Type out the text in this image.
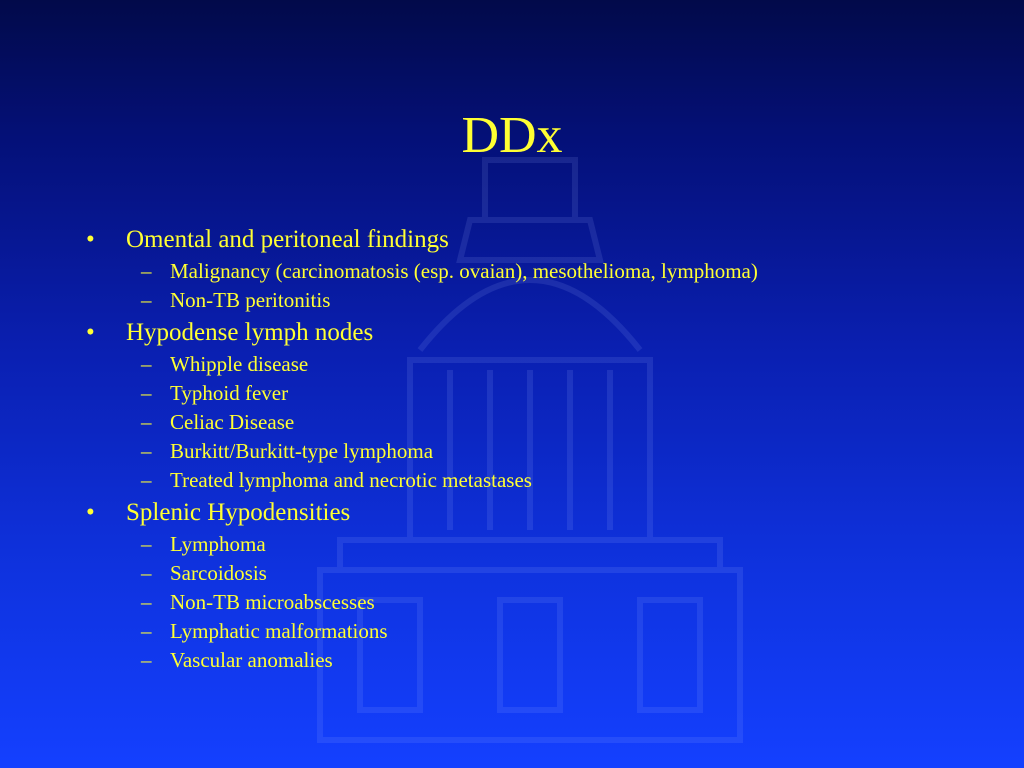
DDx
•	Omental and peritoneal findings
– Malignancy (carcinomatosis (esp. ovaian), mesothelioma, lymphoma)
– Non-TB peritonitis
•	Hypodense lymph nodes
– Whipple disease
– Typhoid fever
– Celiac Disease
– Burkitt/Burkitt-type lymphoma
– Treated lymphoma and necrotic metastases
•	Splenic Hypodensities
– Lymphoma
– Sarcoidosis
– Non-TB microabscesses
– Lymphatic malformations
– Vascular anomalies
